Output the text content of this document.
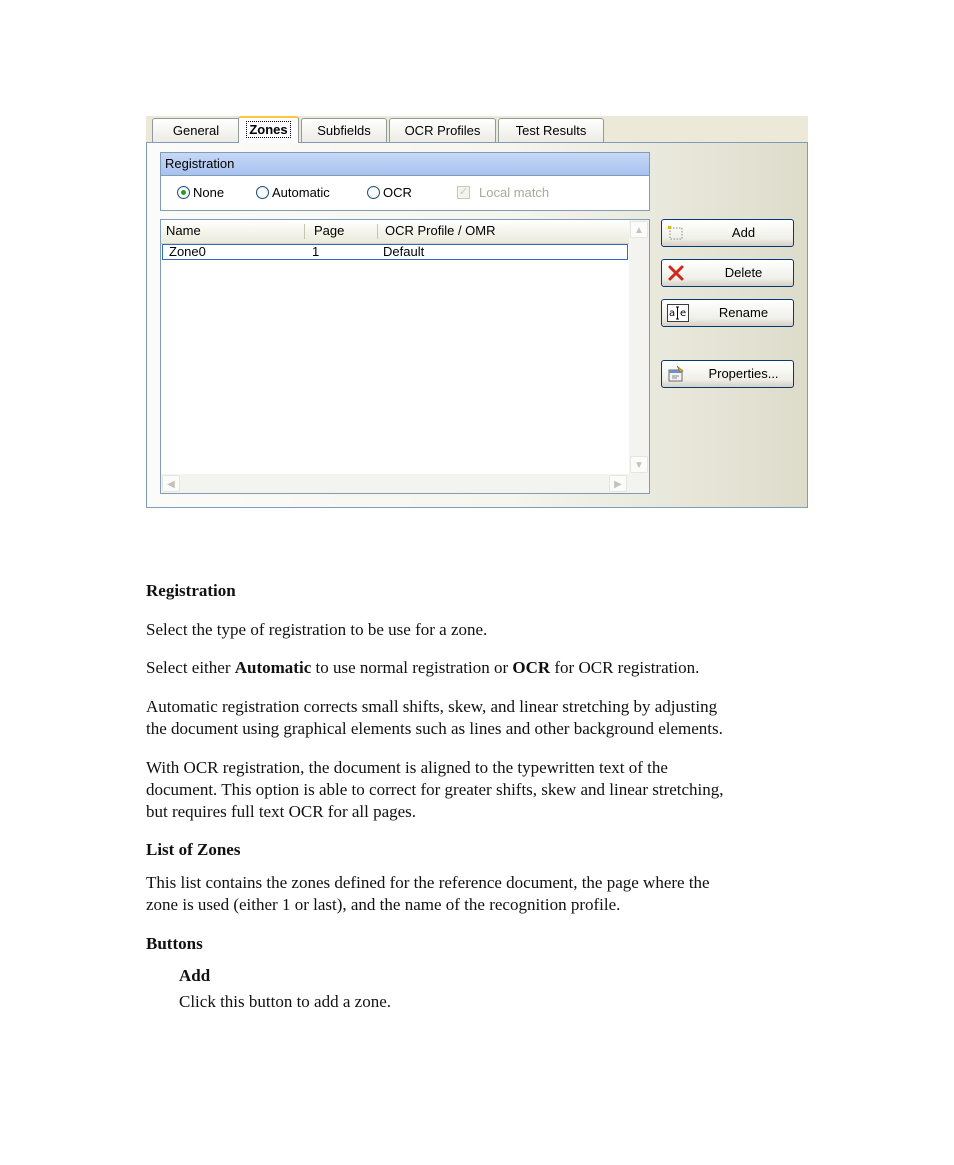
General	Zones	Subfields	OCR Profiles	Test Results
Registration
None	Automatic	OCR	✓ Local match
Name	Page	OCR Profile / OMR
Zone0	1	Default
▲
▼
◀	▶
Add
Delete
a e	Rename
Properties...

Registration

Select the type of registration to be use for a zone.

Select either Automatic to use normal registration or OCR for OCR registration.

Automatic registration corrects small shifts, skew, and linear stretching by adjusting

the document using graphical elements such as lines and other background elements.

With OCR registration, the document is aligned to the typewritten text of the

document. This option is able to correct for greater shifts, skew and linear stretching,

but requires full text OCR for all pages.

List of Zones

This list contains the zones defined for the reference document, the page where the

zone is used (either 1 or last), and the name of the recognition profile.

Buttons

Add

Click this button to add a zone.
